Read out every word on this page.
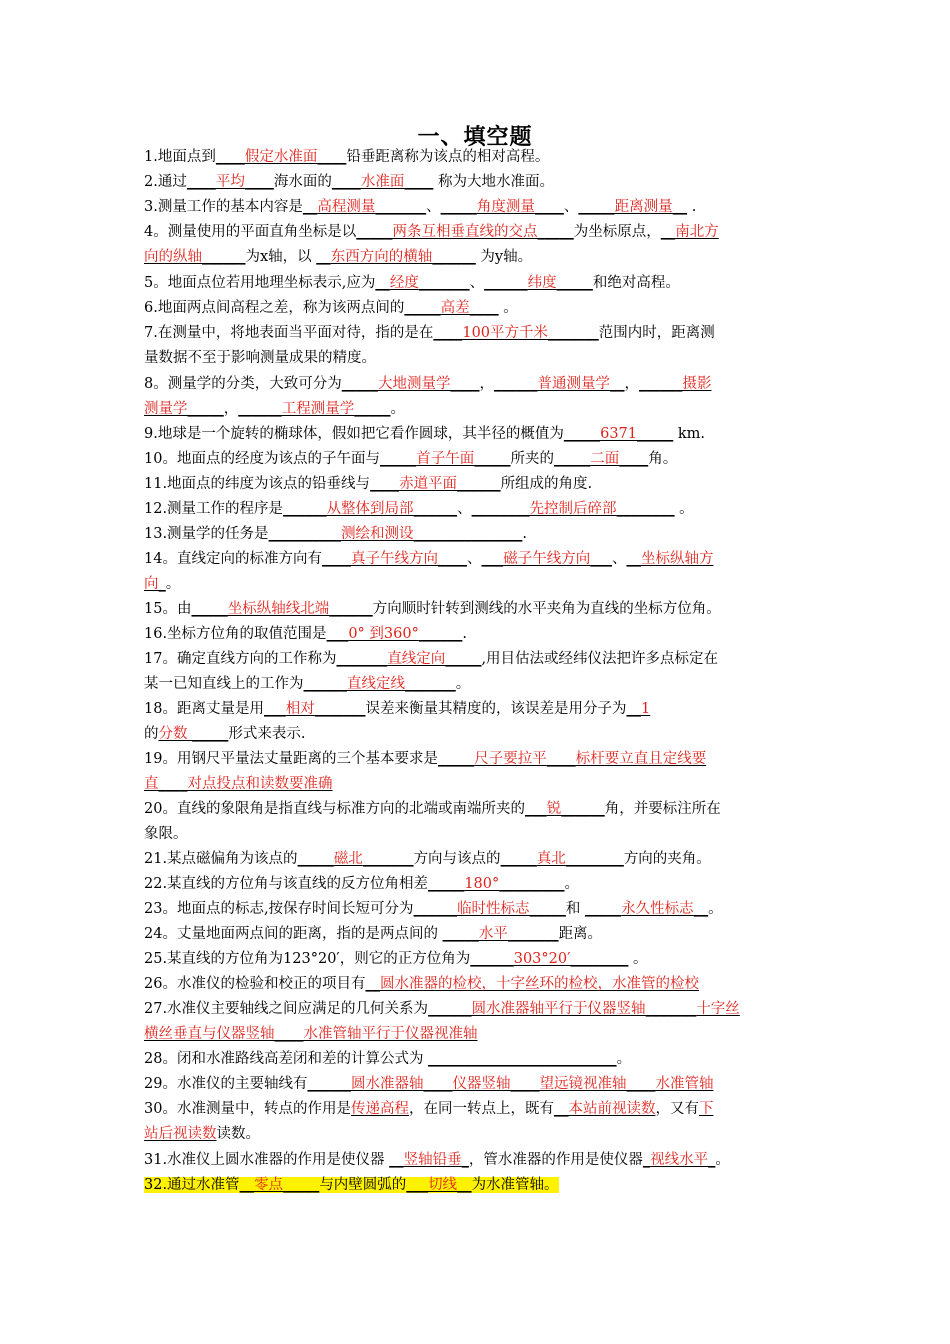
一、填空题
1.地面点到____假定水准面____铅垂距离称为该点的相对高程。
2.通过____平均____海水面的____水准面____ 称为大地水准面。
3.测量工作的基本内容是__高程测量_______、_____角度测量____、_____距离测量__ .
4。测量使用的平面直角坐标是以_____两条互相垂直线的交点_____为坐标原点，__南北方
向的纵轴______为x轴，以 __东西方向的横轴______ 为y轴。
5。地面点位若用地理坐标表示,应为__经度_______、______纬度_____和绝对高程。
6.地面两点间高程之差，称为该两点间的_____高差____ 。
7.在测量中，将地表面当平面对待，指的是在____100平方千米_______范围内时，距离测
量数据不至于影响测量成果的精度。
8。测量学的分类，大致可分为_____大地测量学____，______普通测量学__，______摄影
测量学_____，______工程测量学_____。
9.地球是一个旋转的椭球体，假如把它看作圆球，其半径的概值为_____6371_____ km.
10。地面点的经度为该点的子午面与_____首子午面_____所夹的_____二面____角。
11.地面点的纬度为该点的铅垂线与____赤道平面______所组成的角度.
12.测量工作的程序是______从整体到局部______、________先控制后碎部________ 。
13.测量学的任务是__________测绘和测设_______________.
14。直线定向的标准方向有____真子午线方向____、___磁子午线方向___、__坐标纵轴方
向_。
15。由_____坐标纵轴线北端______方向顺时针转到测线的水平夹角为直线的坐标方位角。
16.坐标方位角的取值范围是___0° 到360°______.
17。确定直线方向的工作称为_______直线定向_____,用目估法或经纬仪法把许多点标定在
某一已知直线上的工作为______直线定线_______。
18。距离丈量是用___相对_______误差来衡量其精度的，该误差是用分子为__1
的分数 _____形式来表示.
19。用钢尺平量法丈量距离的三个基本要求是_____尺子要拉平____标杆要立直且定线要
直____对点投点和读数要准确
20。直线的象限角是指直线与标准方向的北端或南端所夹的___锐______角，并要标注所在
象限。
21.某点磁偏角为该点的_____磁北_______方向与该点的_____真北________方向的夹角。
22.某直线的方位角与该直线的反方位角相差_____180°_________。
23。地面点的标志,按保存时间长短可分为______临时性标志_____和 _____永久性标志__。
24。丈量地面两点间的距离，指的是两点间的 _____水平_______距离。
25.某直线的方位角为123°20′，则它的正方位角为______303°20′________ 。
26。水准仪的检验和校正的项目有__圆水准器的检校，十字丝环的检校，水准管的检校
27.水准仪主要轴线之间应满足的几何关系为______圆水准器轴平行于仪器竖轴_______十字丝
横丝垂直与仪器竖轴____水准管轴平行于仪器视准轴
28。闭和水准路线高差闭和差的计算公式为 __________________________。
29。水准仪的主要轴线有______圆水准器轴____仪器竖轴____望远镜视准轴____水准管轴
30。水准测量中，转点的作用是传递高程，在同一转点上，既有__本站前视读数，又有下
站后视读数读数。
31.水准仪上圆水准器的作用是使仪器 __竖轴铅垂_，管水准器的作用是使仪器_视线水平_。
32.通过水准管__零点_____与内壁圆弧的___切线__为水准管轴。
